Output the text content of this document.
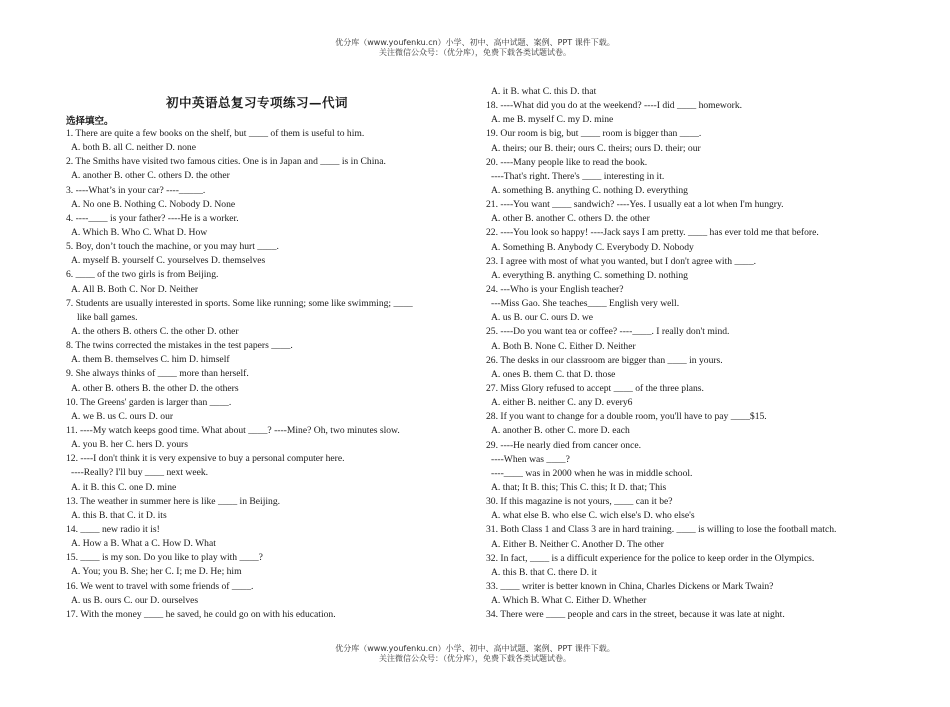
优分库（www.youfenku.cn）小学、初中、高中试题、案例、PPT 课件下载。
关注微信公众号：（优分库），免费下载各类试题试卷。
初中英语总复习专项练习—代词
选择填空。
1. There are quite a few books on the shelf, but ____ of them is useful to him.
A. both B. all C. neither D. none
2. The Smiths have visited two famous cities. One is in Japan and ____ is in China.
A. another B. other C. others D. the other
3. ----What’s in your car? ----_____.
A. No one B. Nothing C. Nobody D. None
4. ----____ is your father? ----He is a worker.
A. Which B. Who C. What D. How
5. Boy, don’t touch the machine, or you may hurt ____.
A. myself B. yourself C. yourselves D. themselves
6. ____ of the two girls is from Beijing.
A. All B. Both C. Nor D. Neither
7. Students are usually interested in sports. Some like running; some like swimming; ____
like ball games.
A. the others B. others C. the other D. other
8. The twins corrected the mistakes in the test papers ____.
A. them B. themselves C. him D. himself
9. She always thinks of ____ more than herself.
A. other B. others B. the other D. the others
10. The Greens' garden is larger than ____.
A. we B. us C. ours D. our
11. ----My watch keeps good time. What about ____? ----Mine? Oh, two minutes slow.
A. you B. her C. hers D. yours
12. ----I don't think it is very expensive to buy a personal computer here.
----Really? I'll buy ____ next week.
A. it B. this C. one D. mine
13. The weather in summer here is like ____ in Beijing.
A. this B. that C. it D. its
14. ____ new radio it is!
A. How a B. What a C. How D. What
15. ____ is my son. Do you like to play with ____?
A. You; you B. She; her C. I; me D. He; him
16. We went to travel with some friends of ____.
A. us B. ours C. our D. ourselves
17. With the money ____ he saved, he could go on with his education.
A. it B. what C. this D. that
18. ----What did you do at the weekend? ----I did ____ homework.
A. me B. myself C. my D. mine
19. Our room is big, but ____ room is bigger than ____.
A. theirs; our B. their; ours C. theirs; ours D. their; our
20. ----Many people like to read the book.
----That's right. There's ____ interesting in it.
A. something B. anything C. nothing D. everything
21. ----You want ____ sandwich? ----Yes. I usually eat a lot when I'm hungry.
A. other B. another C. others D. the other
22. ----You look so happy! ----Jack says I am pretty. ____ has ever told me that before.
A. Something B. Anybody C. Everybody D. Nobody
23. I agree with most of what you wanted, but I don't agree with ____.
A. everything B. anything C. something D. nothing
24. ---Who is your English teacher?
---Miss Gao. She teaches____ English very well.
A. us B. our C. ours D. we
25. ----Do you want tea or coffee? ----____. I really don't mind.
A. Both B. None C. Either D. Neither
26. The desks in our classroom are bigger than ____ in yours.
A. ones B. them C. that D. those
27. Miss Glory refused to accept ____ of the three plans.
A. either B. neither C. any D. every6
28. If you want to change for a double room, you'll have to pay ____$15.
A. another B. other C. more D. each
29. ----He nearly died from cancer once.
----When was ____?
----____ was in 2000 when he was in middle school.
A. that; It B. this; This C. this; It D. that; This
30. If this magazine is not yours, ____ can it be?
A. what else B. who else C. wich else's D. who else's
31. Both Class 1 and Class 3 are in hard training. ____ is willing to lose the football match.
A. Either B. Neither C. Another D. The other
32. In fact, ____ is a difficult experience for the police to keep order in the Olympics.
A. this B. that C. there D. it
33. ____ writer is better known in China, Charles Dickens or Mark Twain?
A. Which B. What C. Either D. Whether
34. There were ____ people and cars in the street, because it was late at night.
优分库（www.youfenku.cn）小学、初中、高中试题、案例、PPT 课件下载。
关注微信公众号：（优分库），免费下载各类试题试卷。
